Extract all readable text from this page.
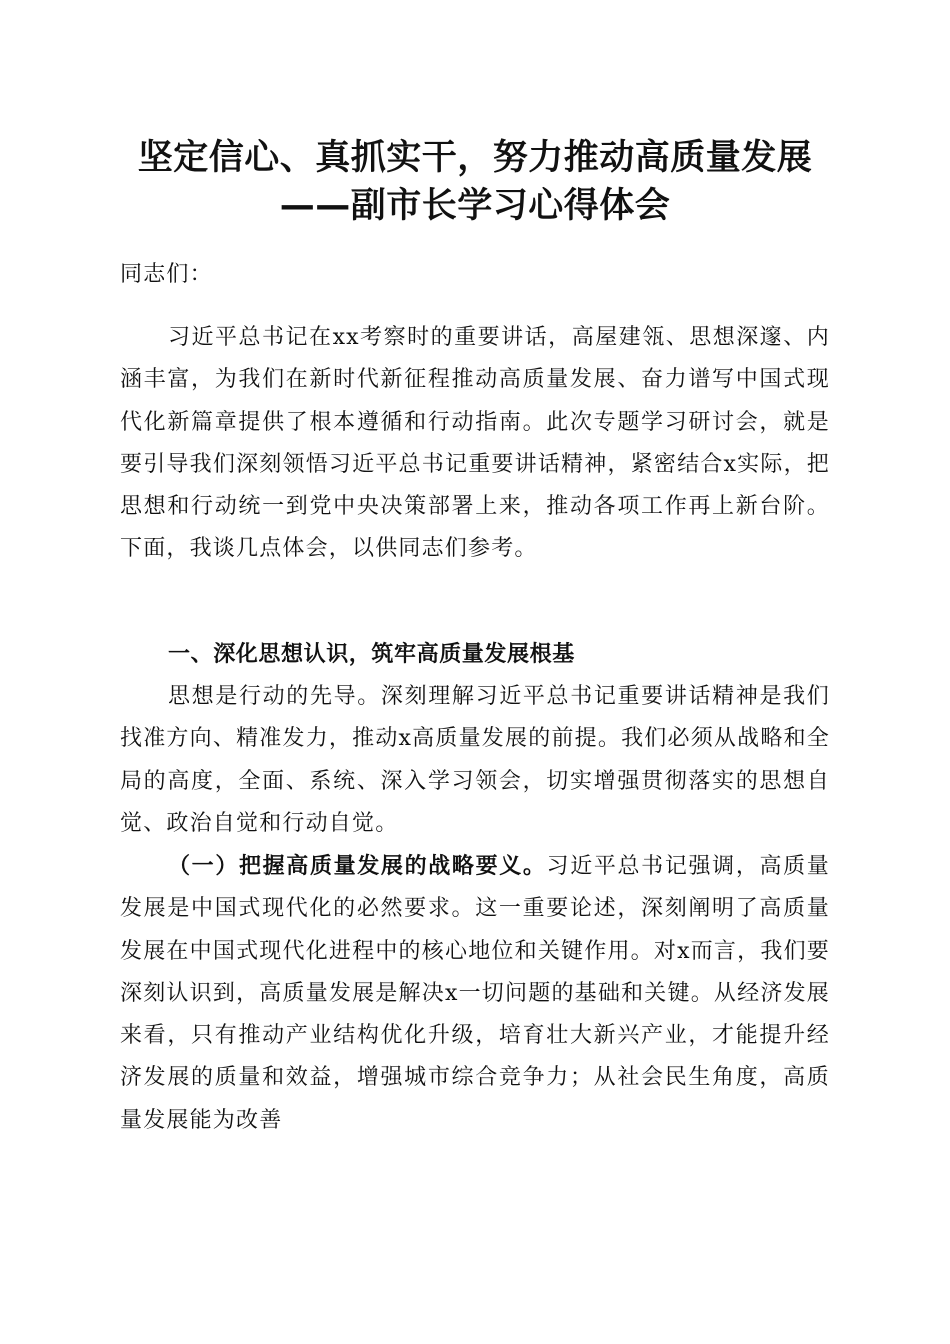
坚定信心、真抓实干，努力推动高质量发展
——副市长学习心得体会
同志们：
习近平总书记在xx考察时的重要讲话，高屋建瓴、思想深邃、内涵丰富，为我们在新时代新征程推动高质量发展、奋力谱写中国式现代化新篇章提供了根本遵循和行动指南。此次专题学习研讨会，就是要引导我们深刻领悟习近平总书记重要讲话精神，紧密结合x实际，把思想和行动统一到党中央决策部署上来，推动各项工作再上新台阶。下面，我谈几点体会，以供同志们参考。
一、深化思想认识，筑牢高质量发展根基
思想是行动的先导。深刻理解习近平总书记重要讲话精神是我们找准方向、精准发力，推动x高质量发展的前提。我们必须从战略和全局的高度，全面、系统、深入学习领会，切实增强贯彻落实的思想自觉、政治自觉和行动自觉。
（一）把握高质量发展的战略要义。习近平总书记强调，高质量发展是中国式现代化的必然要求。这一重要论述，深刻阐明了高质量发展在中国式现代化进程中的核心地位和关键作用。对x而言，我们要深刻认识到，高质量发展是解决x一切问题的基础和关键。从经济发展来看，只有推动产业结构优化升级，培育壮大新兴产业，才能提升经济发展的质量和效益，增强城市综合竞争力；从社会民生角度，高质量发展能为改善
